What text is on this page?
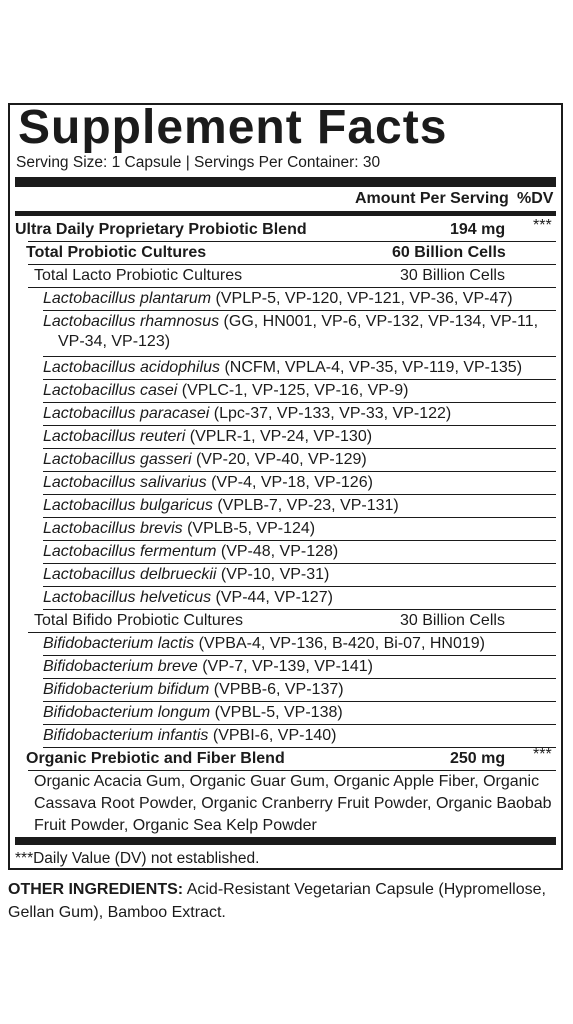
Supplement Facts
Serving Size: 1 Capsule | Servings Per Container: 30
Amount Per Serving %DV
Ultra Daily Proprietary Probiotic Blend	194 mg ***
Total Probiotic Cultures	60 Billion Cells
Total Lacto Probiotic Cultures	30 Billion Cells
Lactobacillus plantarum (VPLP-5, VP-120, VP-121, VP-36, VP-47)
Lactobacillus rhamnosus (GG, HN001, VP-6, VP-132, VP-134, VP-11,
VP-34, VP-123)
Lactobacillus acidophilus (NCFM, VPLA-4, VP-35, VP-119, VP-135)
Lactobacillus casei (VPLC-1, VP-125, VP-16, VP-9)
Lactobacillus paracasei (Lpc-37, VP-133, VP-33, VP-122)
Lactobacillus reuteri (VPLR-1, VP-24, VP-130)
Lactobacillus gasseri (VP-20, VP-40, VP-129)
Lactobacillus salivarius (VP-4, VP-18, VP-126)
Lactobacillus bulgaricus (VPLB-7, VP-23, VP-131)
Lactobacillus brevis (VPLB-5, VP-124)
Lactobacillus fermentum (VP-48, VP-128)
Lactobacillus delbrueckii (VP-10, VP-31)
Lactobacillus helveticus (VP-44, VP-127)
Total Bifido Probiotic Cultures	30 Billion Cells
Bifidobacterium lactis (VPBA-4, VP-136, B-420, Bi-07, HN019)
Bifidobacterium breve (VP-7, VP-139, VP-141)
Bifidobacterium bifidum (VPBB-6, VP-137)
Bifidobacterium longum (VPBL-5, VP-138)
Bifidobacterium infantis (VPBI-6, VP-140)
Organic Prebiotic and Fiber Blend	250 mg ***
Organic Acacia Gum, Organic Guar Gum, Organic Apple Fiber, Organic
Cassava Root Powder, Organic Cranberry Fruit Powder, Organic Baobab
Fruit Powder, Organic Sea Kelp Powder
***Daily Value (DV) not established.
OTHER INGREDIENTS: Acid-Resistant Vegetarian Capsule (Hypromellose, Gellan Gum), Bamboo Extract.
